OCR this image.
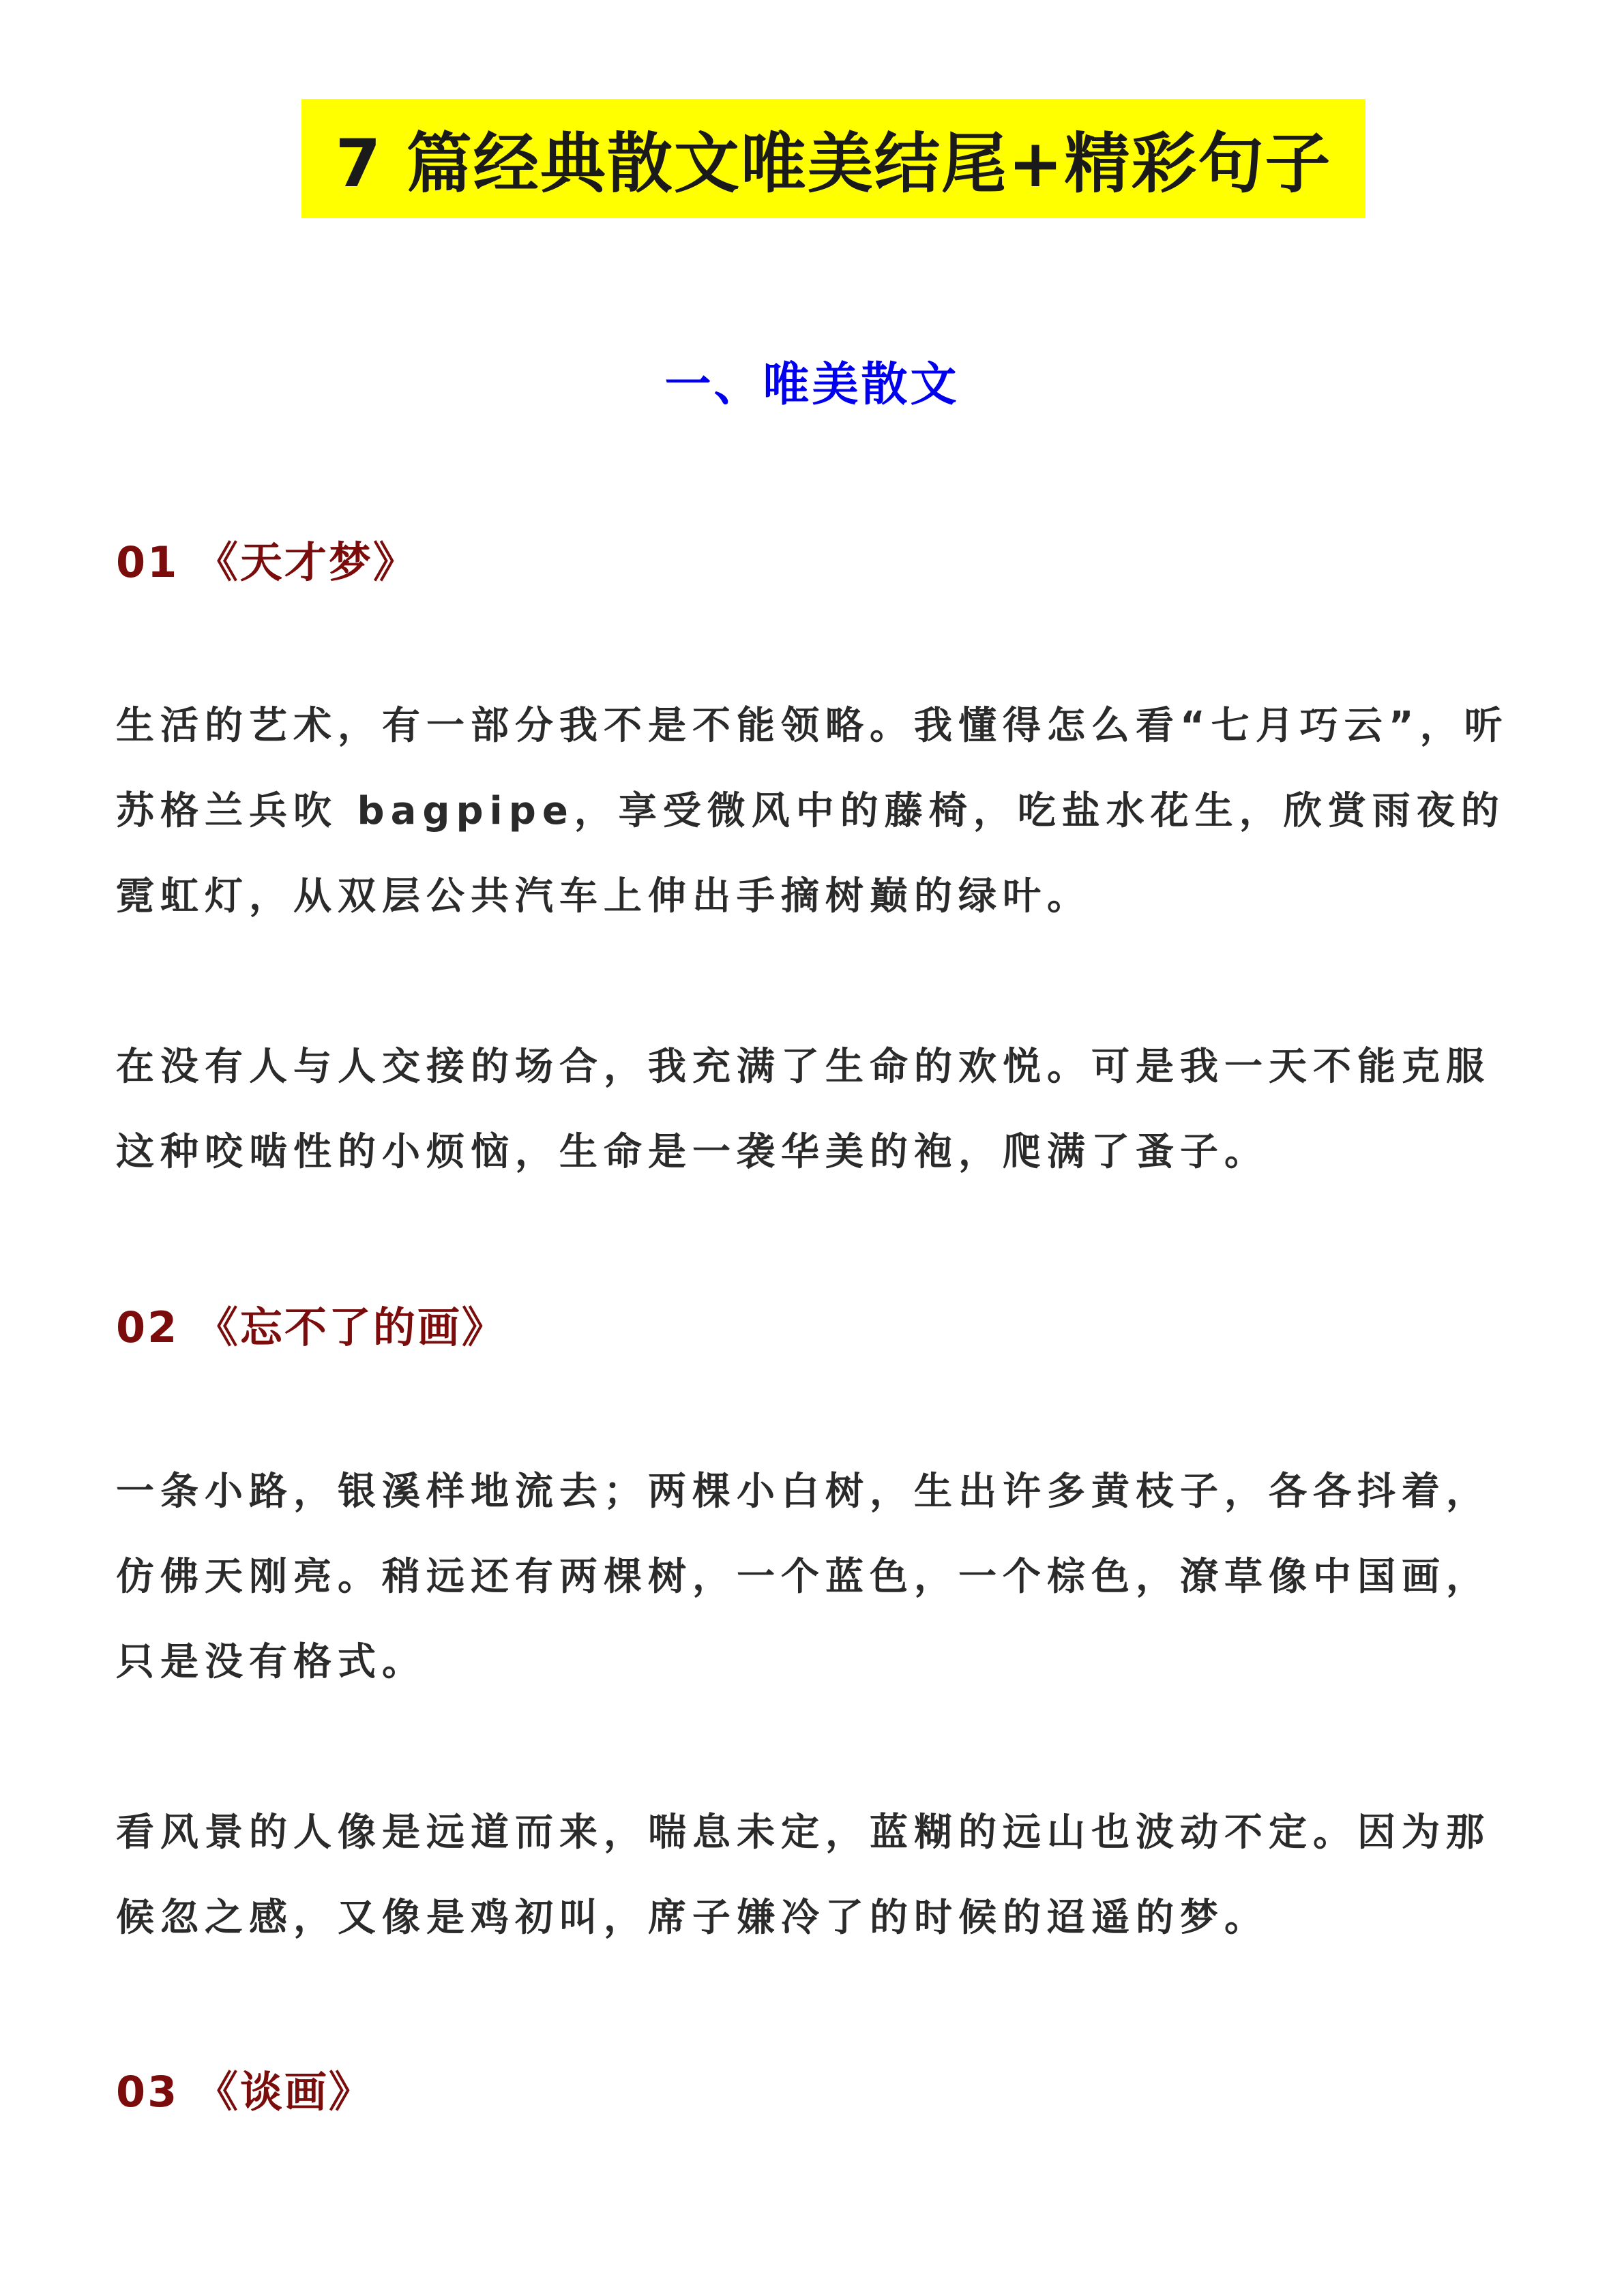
7 篇经典散文唯美结尾+精彩句子
一、唯美散文
01 《天才梦》

生活的艺术，有一部分我不是不能领略。我懂得怎么看“七月巧云”，听苏格兰兵吹 bagpipe，享受微风中的藤椅，吃盐水花生，欣赏雨夜的霓虹灯，从双层公共汽车上伸出手摘树巅的绿叶。

在没有人与人交接的场合，我充满了生命的欢悦。可是我一天不能克服这种咬啮性的小烦恼，生命是一袭华美的袍，爬满了蚤子。

02 《忘不了的画》

一条小路，银溪样地流去；两棵小白树，生出许多黄枝子，各各抖着，仿佛天刚亮。稍远还有两棵树，一个蓝色，一个棕色，潦草像中国画，只是没有格式。

看风景的人像是远道而来，喘息未定，蓝糊的远山也波动不定。因为那候忽之感，又像是鸡初叫，席子嫌冷了的时候的迢遥的梦。

03 《谈画》
